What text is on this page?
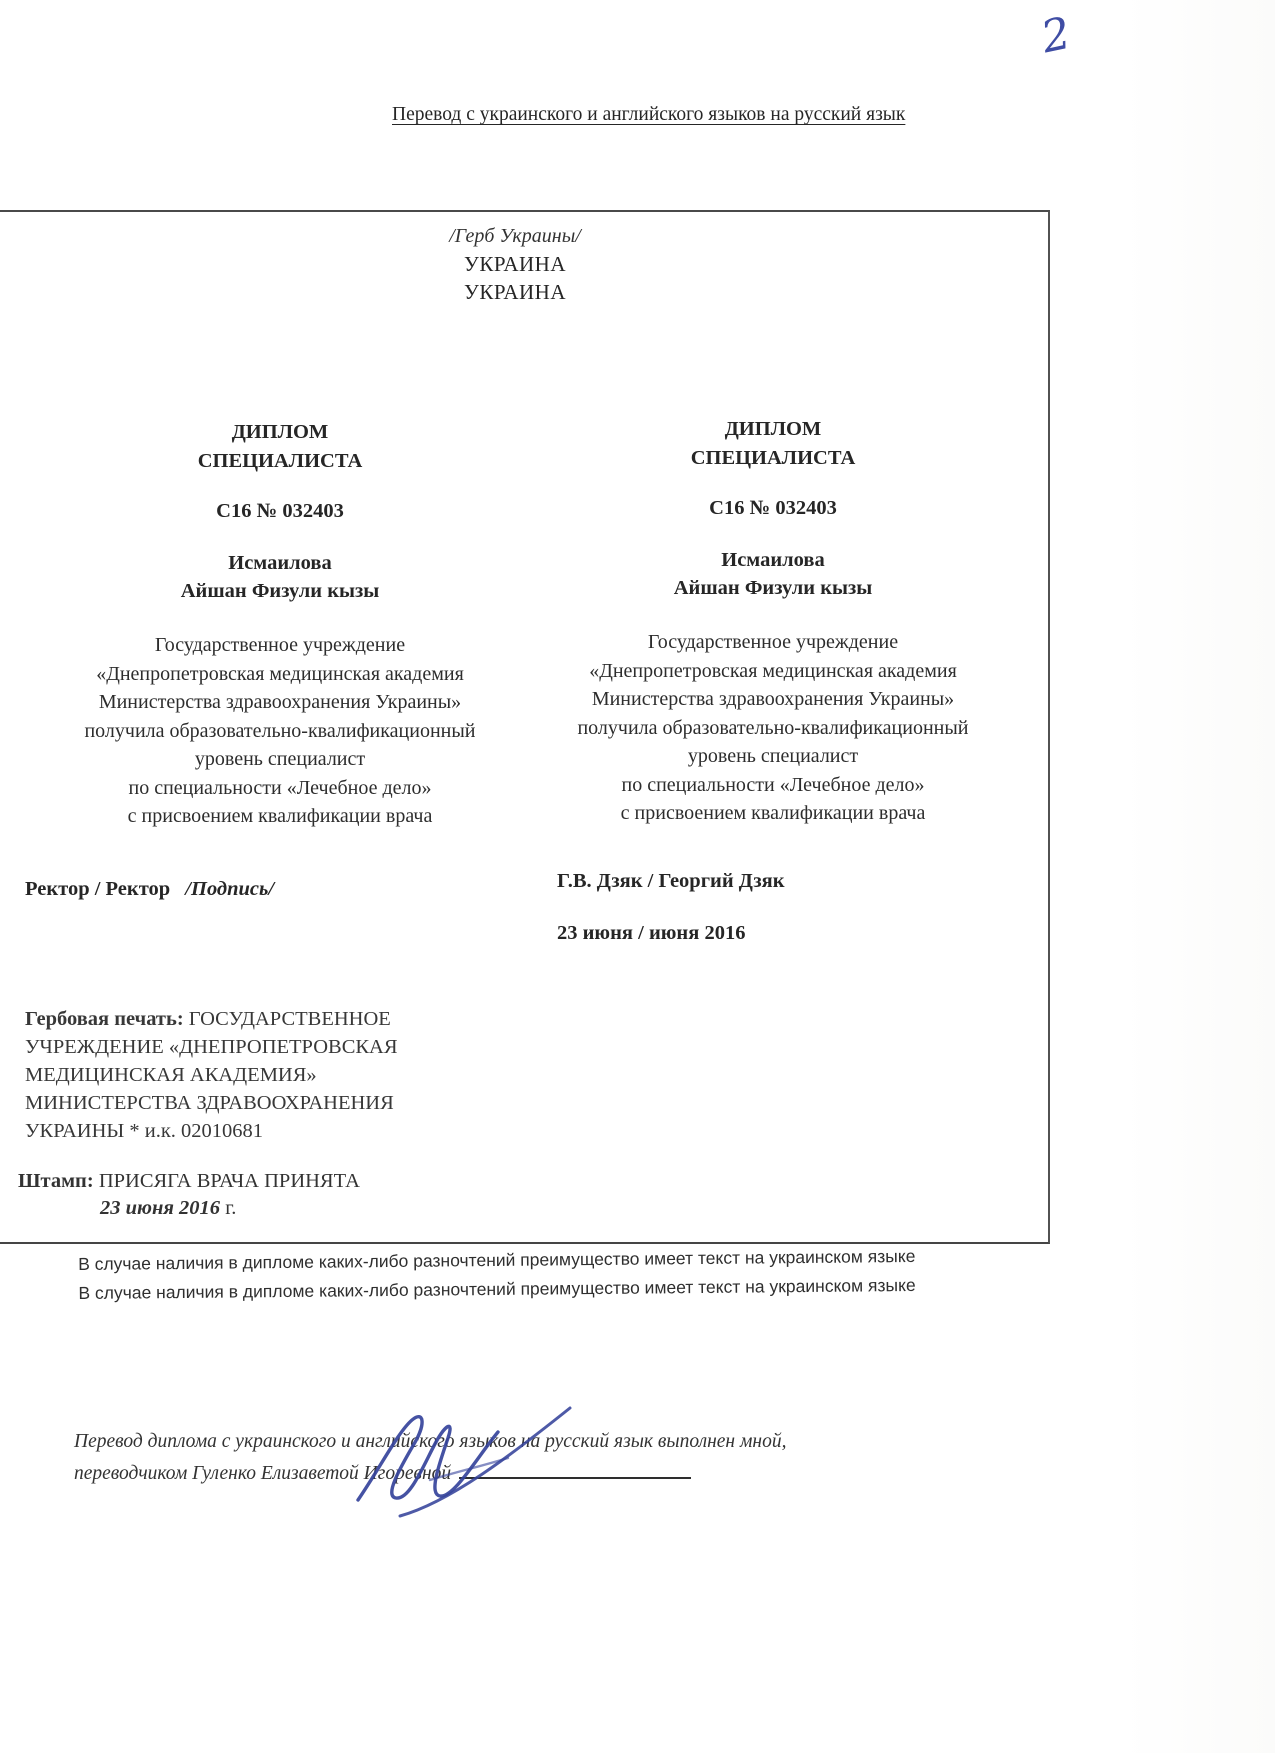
2
Перевод с украинского и английского языков на русский язык
/Герб Украины/
УКРАИНА
УКРАИНА
ДИПЛОМ
СПЕЦИАЛИСТА
С16 № 032403
Исмаилова
Айшан Физули кызы
Государственное учреждение
«Днепропетровская медицинская академия
Министерства здравоохранения Украины»
получила образовательно-квалификационный
уровень специалист
по специальности «Лечебное дело»
с присвоением квалификации врача
ДИПЛОМ
СПЕЦИАЛИСТА
С16 № 032403
Исмаилова
Айшан Физули кызы
Государственное учреждение
«Днепропетровская медицинская академия
Министерства здравоохранения Украины»
получила образовательно-квалификационный
уровень специалист
по специальности «Лечебное дело»
с присвоением квалификации врача
Ректор / Ректор /Подпись/	Г.В. Дзяк / Георгий Дзяк
23 июня / июня 2016
Гербовая печать: ГОСУДАРСТВЕННОЕ
УЧРЕЖДЕНИЕ «ДНЕПРОПЕТРОВСКАЯ
МЕДИЦИНСКАЯ АКАДЕМИЯ»
МИНИСТЕРСТВА ЗДРАВООХРАНЕНИЯ
УКРАИНЫ * и.к. 02010681
Штамп: ПРИСЯГА ВРАЧА ПРИНЯТА
23 июня 2016 г.
В случае наличия в дипломе каких-либо разночтений преимущество имеет текст на украинском языке
В случае наличия в дипломе каких-либо разночтений преимущество имеет текст на украинском языке
Перевод диплома с украинского и английского языков на русский язык выполнен мной,
переводчиком Гуленко Елизаветой Игоревной
